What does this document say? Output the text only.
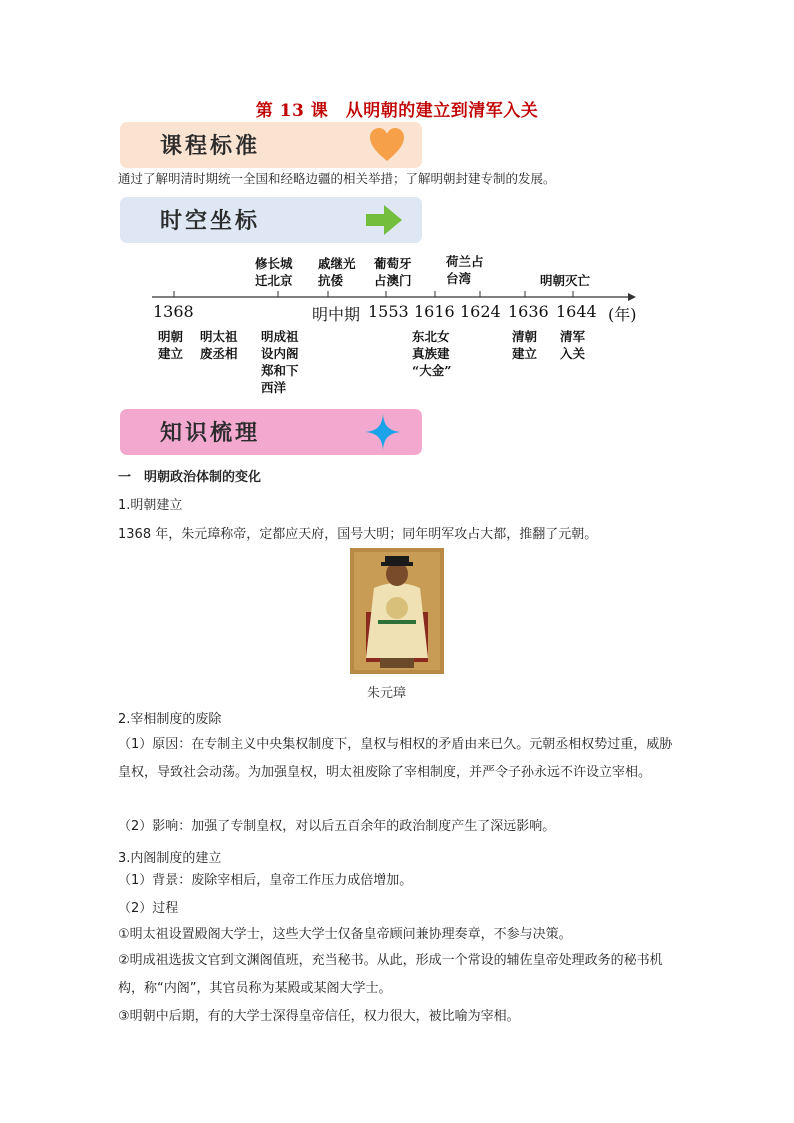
第 13 课　从明朝的建立到清军入关
课程标准
通过了解明清时期统一全国和经略边疆的相关举措；了解明朝封建专制的发展。
时空坐标
修长城
迁北京
戚继光
抗倭
葡萄牙
占澳门
荷兰占
台湾	明朝灭亡
1368	明中期 1553 1616 1624 1636 1644 (年)
明朝
建立
明太祖
废丞相
明成祖
设内阁
郑和下
西洋
东北女
真族建
“大金”
清朝
建立
清军
入关
知识梳理
一　明朝政治体制的变化
1.明朝建立
1368 年，朱元璋称帝，定都应天府，国号大明；同年明军攻占大都，推翻了元朝。
朱元璋
2.宰相制度的废除
（1）原因：在专制主义中央集权制度下，皇权与相权的矛盾由来已久。元朝丞相权势过重，威胁皇权，导致社会动荡。为加强皇权，明太祖废除了宰相制度，并严令子孙永远不许设立宰相。
（2）影响：加强了专制皇权，对以后五百余年的政治制度产生了深远影响。
3.内阁制度的建立
（1）背景：废除宰相后，皇帝工作压力成倍增加。
（2）过程
①明太祖设置殿阁大学士，这些大学士仅备皇帝顾问兼协理奏章，不参与决策。
②明成祖选拔文官到文渊阁值班，充当秘书。从此，形成一个常设的辅佐皇帝处理政务的秘书机构，称“内阁”，其官员称为某殿或某阁大学士。
③明朝中后期，有的大学士深得皇帝信任，权力很大，被比喻为宰相。
